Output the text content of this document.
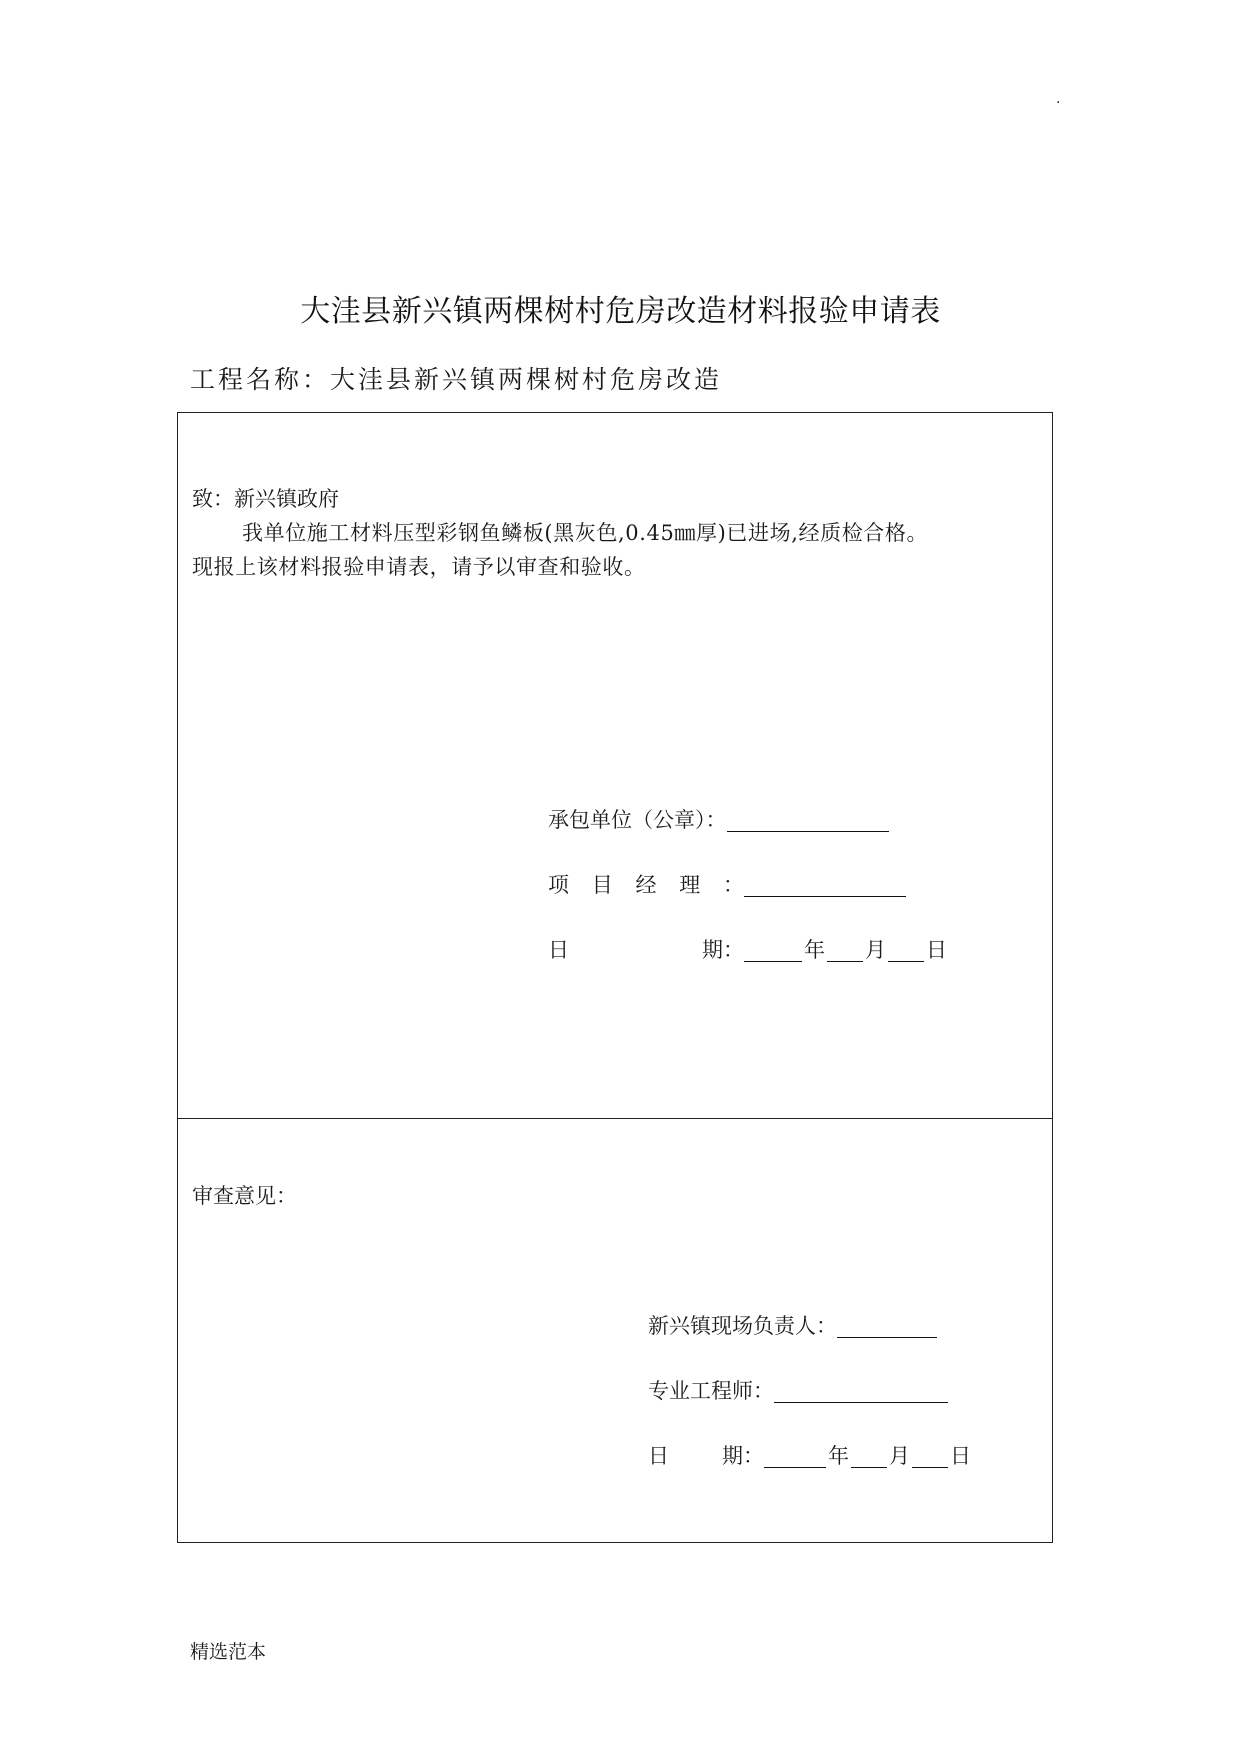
.
大洼县新兴镇两棵树村危房改造材料报验申请表
工程名称：大洼县新兴镇两棵树村危房改造
致：新兴镇政府
我单位施工材料压型彩钢鱼鳞板(黑灰色,0.45㎜厚)已进场,经质检合格。
现报上该材料报验申请表，请予以审查和验收。
承包单位（公章）：
项 目 经 理 ：
日	期：	年 月 日
审查意见：
新兴镇现场负责人：
专业工程师：
日	期：	年 月 日
精选范本
